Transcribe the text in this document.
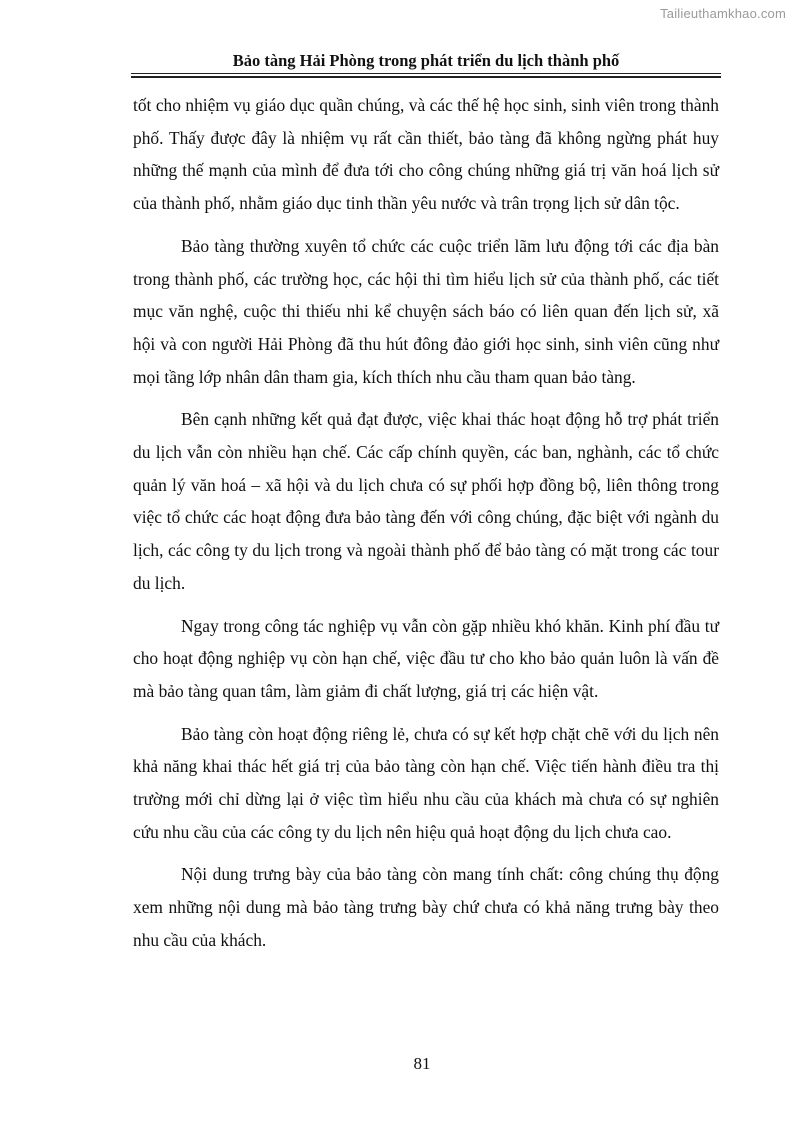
Tailieuthamkhao.com
Bảo tàng Hải Phòng trong phát triển du lịch thành phố

tốt cho nhiệm vụ giáo dục quần chúng, và các thế hệ học sinh, sinh viên trong thành phố. Thấy được đây là nhiệm vụ rất cần thiết, bảo tàng đã không ngừng phát huy những thế mạnh của mình để đưa tới cho công chúng những giá trị văn hoá lịch sử của thành phố, nhằm giáo dục tinh thần yêu nước và trân trọng lịch sử dân tộc.

Bảo tàng thường xuyên tổ chức các cuộc triển lãm lưu động tới các địa bàn trong thành phố, các trường học, các hội thi tìm hiểu lịch sử của thành phố, các tiết mục văn nghệ, cuộc thi thiếu nhi kể chuyện sách báo có liên quan đến lịch sử, xã hội và con người Hải Phòng đã thu hút đông đảo giới học sinh, sinh viên cũng như mọi tầng lớp nhân dân tham gia, kích thích nhu cầu tham quan bảo tàng.

Bên cạnh những kết quả đạt được, việc khai thác hoạt động hỗ trợ phát triển du lịch vẫn còn nhiều hạn chế. Các cấp chính quyền, các ban, nghành, các tổ chức quản lý văn hoá – xã hội và du lịch chưa có sự phối hợp đồng bộ, liên thông trong việc tổ chức các hoạt động đưa bảo tàng đến với công chúng, đặc biệt với ngành du lịch, các công ty du lịch trong và ngoài thành phố để bảo tàng có mặt trong các tour du lịch.

Ngay trong công tác nghiệp vụ vẫn còn gặp nhiều khó khăn. Kinh phí đầu tư cho hoạt động nghiệp vụ còn hạn chế, việc đầu tư cho kho bảo quản luôn là vấn đề mà bảo tàng quan tâm, làm giảm đi chất lượng, giá trị các hiện vật.

Bảo tàng còn hoạt động riêng lẻ, chưa có sự kết hợp chặt chẽ với du lịch nên khả năng khai thác hết giá trị của bảo tàng còn hạn chế. Việc tiến hành điều tra thị trường mới chỉ dừng lại ở việc tìm hiểu nhu cầu của khách mà chưa có sự nghiên cứu nhu cầu của các công ty du lịch nên hiệu quả hoạt động du lịch chưa cao.

Nội dung trưng bày của bảo tàng còn mang tính chất: công chúng thụ động xem những nội dung mà bảo tàng trưng bày chứ chưa có khả năng trưng bày theo nhu cầu của khách.

81
